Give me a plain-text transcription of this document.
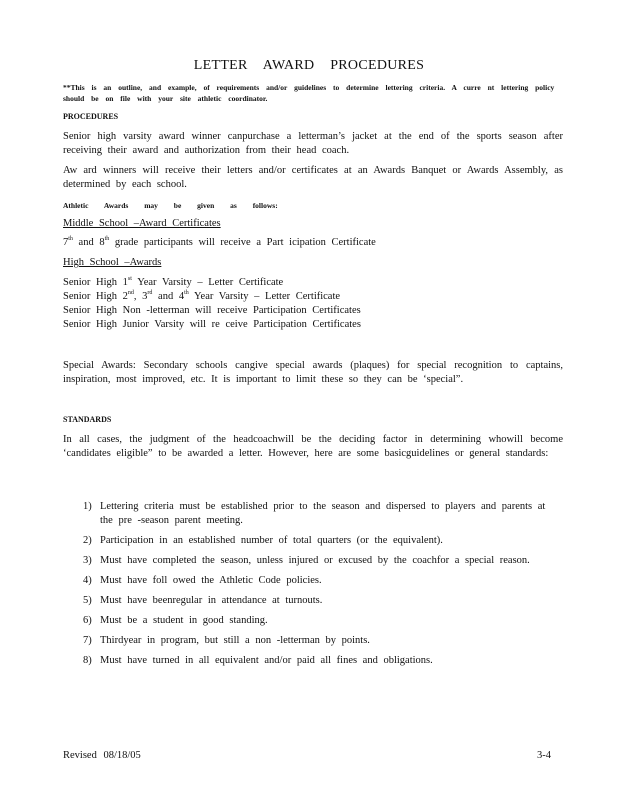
LETTER AWARD PROCEDURES
**This is an outline, and example, of requirements and/or guidelines to determine lettering criteria. A curre nt lettering policy should be on file with your site athletic coordinator.
PROCEDURES
Senior high varsity award winner canpurchase a letterman’s jacket at the end of the sports season after receiving their award and authorization from their head coach.
Aw ard winners will receive their letters and/or certificates at an Awards Banquet or Awards Assembly, as determined by each school.
Athletic Awards may be given as follows:
Middle School –Award Certificates
7th and 8th grade participants will receive a Part icipation Certificate
High School –Awards
Senior High 1st Year Varsity – Letter Certificate
Senior High 2nd, 3rd and 4th Year Varsity – Letter Certificate
Senior High Non -letterman will receive Participation Certificates
Senior High Junior Varsity will re ceive Participation Certificates
Special Awards: Secondary schools cangive special awards (plaques) for special recognition to captains, inspiration, most improved, etc. It is important to limit these so they can be ‘special”.
STANDARDS
In all cases, the judgment of the headcoachwill be the deciding factor in determining whowill become ‘candidates eligible” to be awarded a letter. However, here are some basicguidelines or general standards:
1) Lettering criteria must be established prior to the season and dispersed to players and parents at the pre -season parent meeting.
2) Participation in an established number of total quarters (or the equivalent).
3) Must have completed the season, unless injured or excused by the coachfor a special reason.
4) Must have foll owed the Athletic Code policies.
5) Must have beenregular in attendance at turnouts.
6) Must be a student in good standing.
7) Thirdyear in program, but still a non -letterman by points.
8) Must have turned in all equivalent and/or paid all fines and obligations.
Revised 08/18/05	3-4
